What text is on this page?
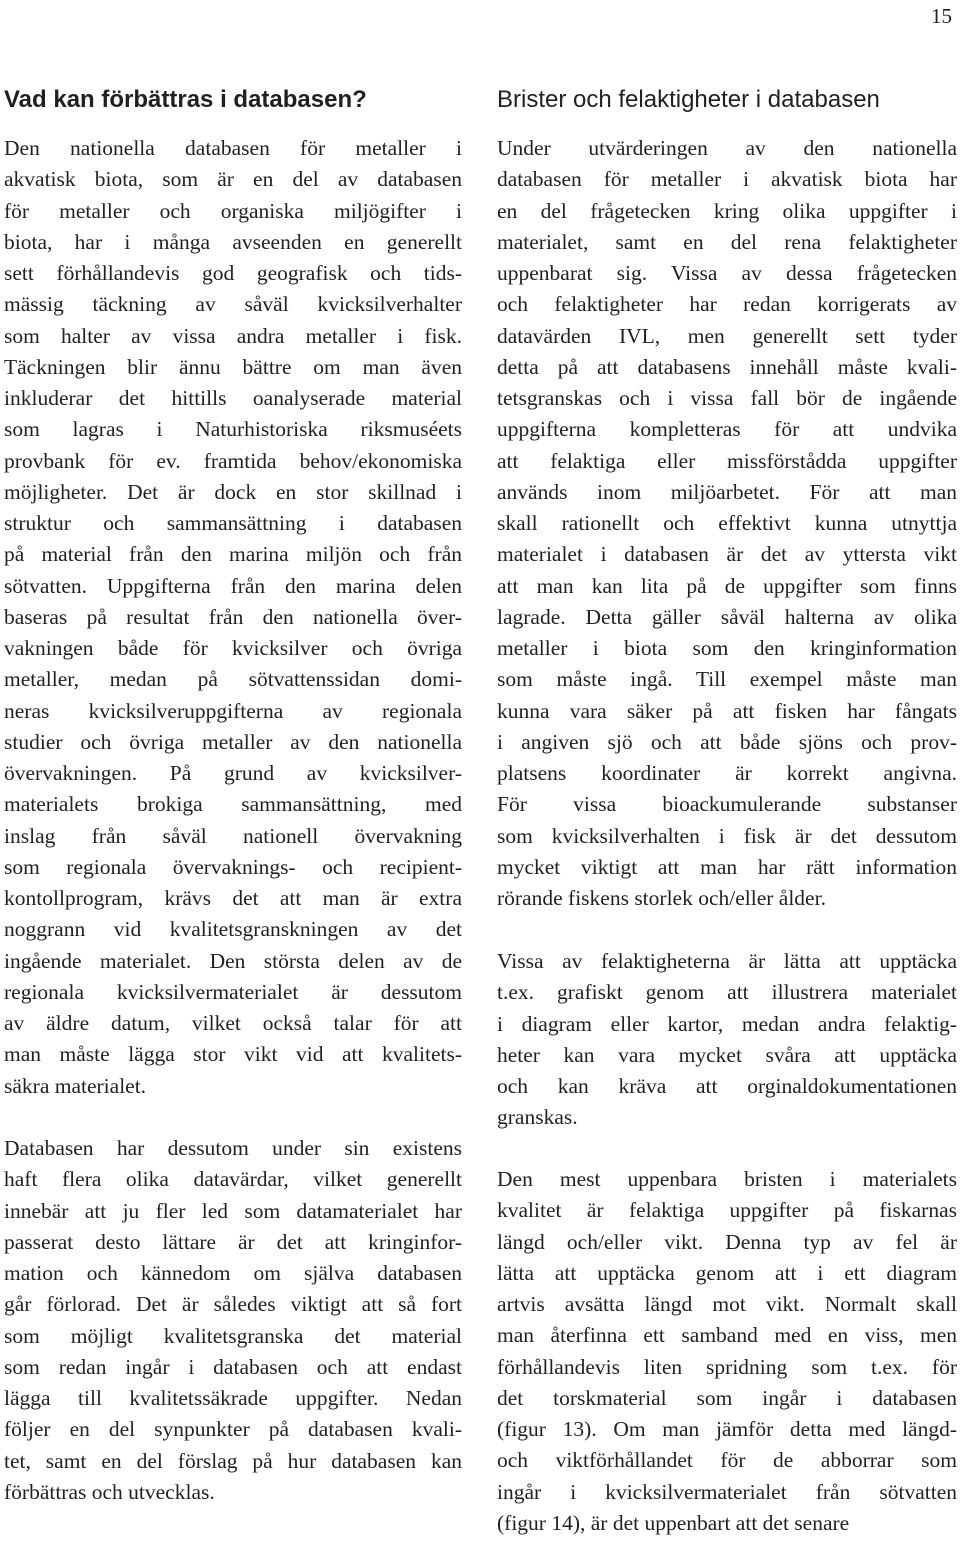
15
Vad kan förbättras i databasen?
Den nationella databasen för metaller i
akvatisk biota, som är en del av databasen
för metaller och organiska miljögifter i
biota, har i många avseenden en generellt
sett förhållandevis god geografisk och tids-
mässig täckning av såväl kvicksilverhalter
som halter av vissa andra metaller i fisk.
Täckningen blir ännu bättre om man även
inkluderar det hittills oanalyserade material
som lagras i Naturhistoriska riksmuséets
provbank för ev. framtida behov/ekonomiska
möjligheter. Det är dock en stor skillnad i
struktur och sammansättning i databasen
på material från den marina miljön och från
sötvatten. Uppgifterna från den marina delen
baseras på resultat från den nationella över-
vakningen både för kvicksilver och övriga
metaller, medan på sötvattenssidan domi-
neras kvicksilveruppgifterna av regionala
studier och övriga metaller av den nationella
övervakningen. På grund av kvicksilver-
materialets brokiga sammansättning, med
inslag från såväl nationell övervakning
som regionala övervaknings- och recipient-
kontollprogram, krävs det att man är extra
noggrann vid kvalitetsgranskningen av det
ingående materialet. Den största delen av de
regionala kvicksilvermaterialet är dessutom
av äldre datum, vilket också talar för att
man måste lägga stor vikt vid att kvalitets-
säkra materialet.
Databasen har dessutom under sin existens
haft flera olika datavärdar, vilket generellt
innebär att ju fler led som datamaterialet har
passerat desto lättare är det att kringinfor-
mation och kännedom om själva databasen
går förlorad. Det är således viktigt att så fort
som möjligt kvalitetsgranska det material
som redan ingår i databasen och att endast
lägga till kvalitetssäkrade uppgifter. Nedan
följer en del synpunkter på databasen kvali-
tet, samt en del förslag på hur databasen kan
förbättras och utvecklas.
Brister och felaktigheter i databasen
Under utvärderingen av den nationella
databasen för metaller i akvatisk biota har
en del frågetecken kring olika uppgifter i
materialet, samt en del rena felaktigheter
uppenbarat sig. Vissa av dessa frågetecken
och felaktigheter har redan korrigerats av
datavärden IVL, men generellt sett tyder
detta på att databasens innehåll måste kvali-
tetsgranskas och i vissa fall bör de ingående
uppgifterna kompletteras för att undvika
att felaktiga eller missförstådda uppgifter
används inom miljöarbetet. För att man
skall rationellt och effektivt kunna utnyttja
materialet i databasen är det av yttersta vikt
att man kan lita på de uppgifter som finns
lagrade. Detta gäller såväl halterna av olika
metaller i biota som den kringinformation
som måste ingå. Till exempel måste man
kunna vara säker på att fisken har fångats
i angiven sjö och att både sjöns och prov-
platsens koordinater är korrekt angivna.
För vissa bioackumulerande substanser
som kvicksilverhalten i fisk är det dessutom
mycket viktigt att man har rätt information
rörande fiskens storlek och/eller ålder.
Vissa av felaktigheterna är lätta att upptäcka
t.ex. grafiskt genom att illustrera materialet
i diagram eller kartor, medan andra felaktig-
heter kan vara mycket svåra att upptäcka
och kan kräva att orginaldokumentationen
granskas.
Den mest uppenbara bristen i materialets
kvalitet är felaktiga uppgifter på fiskarnas
längd och/eller vikt. Denna typ av fel är
lätta att upptäcka genom att i ett diagram
artvis avsätta längd mot vikt. Normalt skall
man återfinna ett samband med en viss, men
förhållandevis liten spridning som t.ex. för
det torskmaterial som ingår i databasen
(figur 13). Om man jämför detta med längd-
och viktförhållandet för de abborrar som
ingår i kvicksilvermaterialet från sötvatten
(figur 14), är det uppenbart att det senare
